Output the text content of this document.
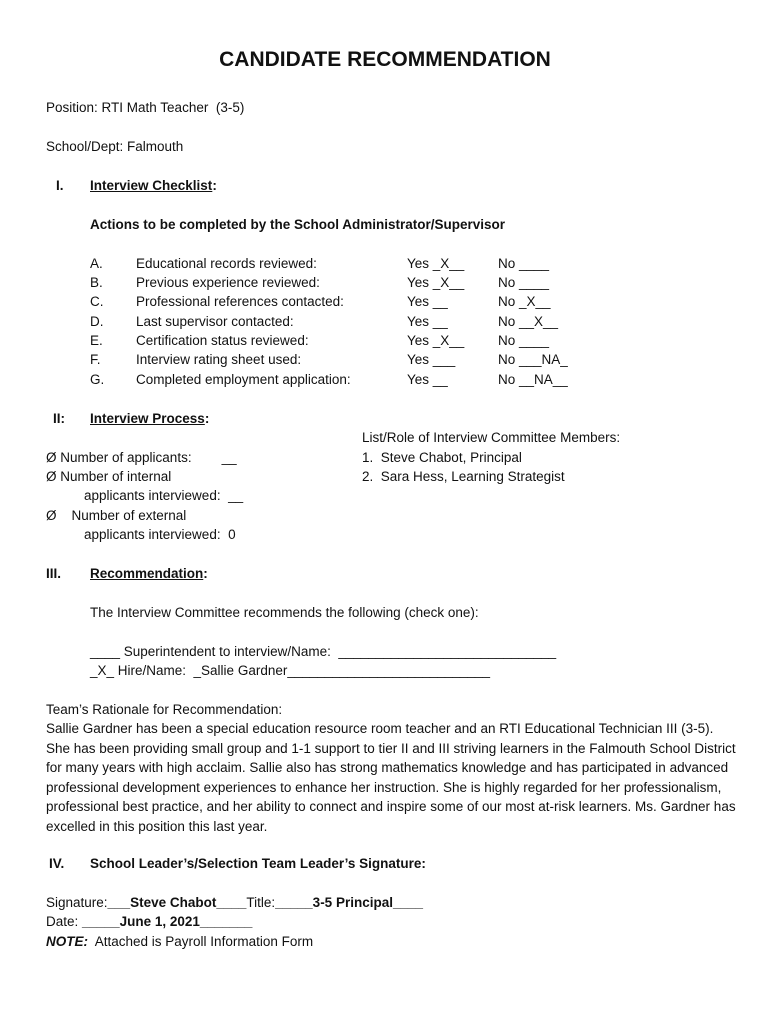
CANDIDATE RECOMMENDATION
Position: RTI Math Teacher  (3-5)
School/Dept: Falmouth
I. Interview Checklist:
Actions to be completed by the School Administrator/Supervisor
A. Educational records reviewed:	Yes _X__ No ____
B. Previous experience reviewed:	Yes _X__ No ____
C. Professional references contacted:	Yes __	No _X__
D. Last supervisor contacted:	Yes __	No __X__
E. Certification status reviewed:	Yes _X__ No ____
F.	Interview rating sheet used:	Yes ___	No ___NA_
G. Completed employment application:	Yes __	No __NA__
II: Interview Process:
List/Role of Interview Committee Members:
1.  Steve Chabot, Principal
2.  Sara Hess, Learning Strategist
Ø Number of applicants:        __
Ø Number of internal
applicants interviewed:  __
Ø    Number of external
applicants interviewed:  0
III. Recommendation:
The Interview Committee recommends the following (check one):
____ Superintendent to interview/Name:  _____________________________
_X_ Hire/Name:  _Sallie Gardner___________________________
Team’s Rationale for Recommendation:
Sallie Gardner has been a special education resource room teacher and an RTI Educational Technician III (3-5). She has been providing small group and 1-1 support to tier II and III striving learners in the Falmouth School District for many years with high acclaim. Sallie also has strong mathematics knowledge and has participated in advanced professional development experiences to enhance her instruction. She is highly regarded for her professionalism, professional best practice, and her ability to connect and inspire some of our most at-risk learners. Ms. Gardner has excelled in this position this last year.
IV. School Leader’s/Selection Team Leader’s Signature:
Signature:___Steve Chabot____Title:_____3-5 Principal____
Date: _____June 1, 2021_______
NOTE:  Attached is Payroll Information Form
